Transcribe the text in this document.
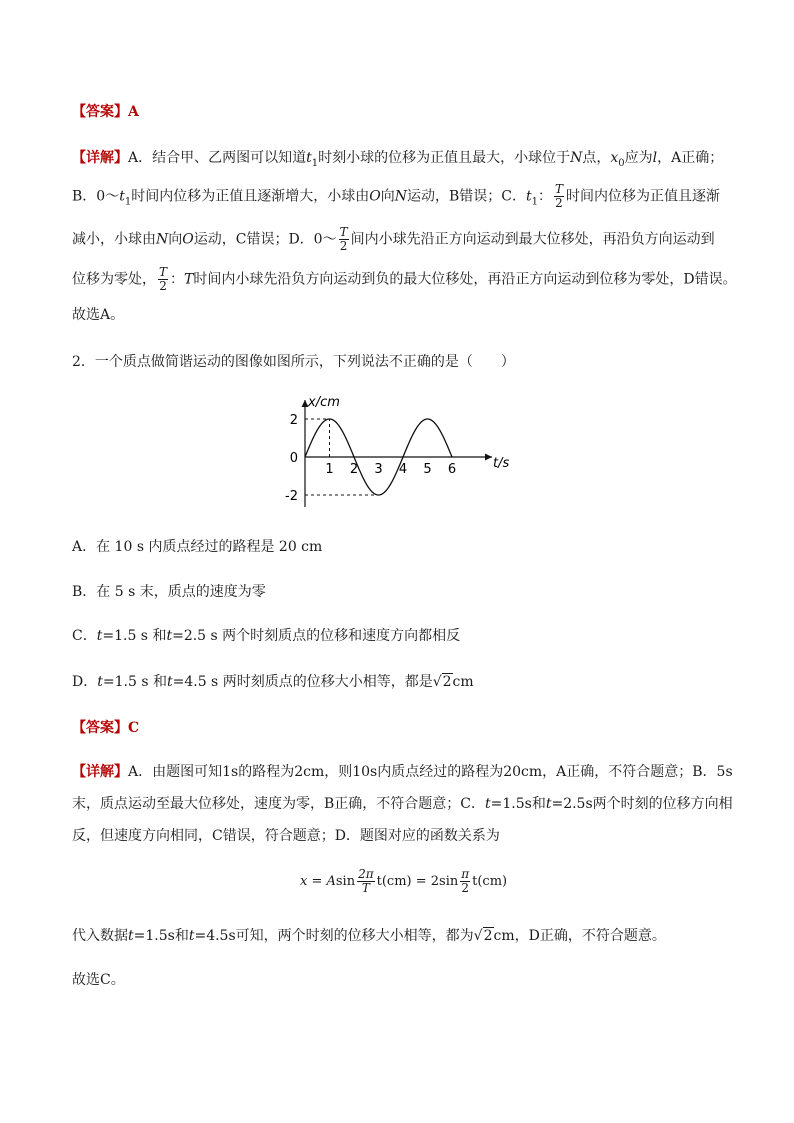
【答案】A
【详解】A．结合甲、乙两图可以知道$t_1$时刻小球的位移为正值且最大，小球位于N点，$x_0$应为l，A正确；
B．$0\sim t_1$时间内位移为正值且逐渐增大，小球由O向N运动，B错误；C．$t_1$： $\frac{T}{2}$ 时间内位移为正值且逐渐
减小，小球由N向O运动，C错误；D．0～ $\frac{T}{2}$ 间内小球先沿正方向运动到最大位移处，再沿负方向运动到
位移为零处， $\frac{T}{2}$ ：T时间内小球先沿负方向运动到负的最大位移处，再沿正方向运动到位移为零处，D错误。
故选A。
2．一个质点做简谐运动的图像如图所示，下列说法不正确的是（　　）
1 2 3 4 5 6
2
0
-2
t/s
x/cm
A．在 10 s 内质点经过的路程是 20 cm
B．在 5 s 末，质点的速度为零
C．t=1.5 s 和t=2.5 s 两个时刻质点的位移和速度方向都相反
D．t=1.5 s 和t=4.5 s 两时刻质点的位移大小相等，都是√2cm
【答案】C
【详解】A．由题图可知1s的路程为2cm，则10s内质点经过的路程为20cm，A正确，不符合题意；B．5s
末，质点运动至最大位移处，速度为零，B正确，不符合题意；C．t=1.5s和t=2.5s两个时刻的位移方向相
反，但速度方向相同，C错误，符合题意；D．题图对应的函数关系为
x = Asin $\frac{2\pi}{T} t(cm) = 2\sin \frac{\pi}{2} t(cm)$
代入数据t=1.5s和t=4.5s可知，两个时刻的位移大小相等，都为√2cm，D正确，不符合题意。
故选C。
